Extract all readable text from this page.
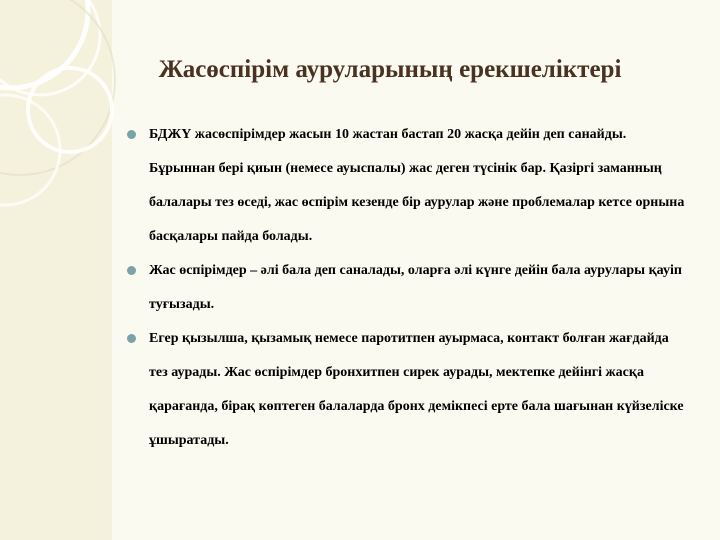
Жасөспірім ауруларының ерекшеліктері
БДЖҮ жасөспірімдер жасын 10 жастан бастап 20 жасқа дейін деп санайды. Бұрыннан бері қиын (немесе ауыспалы) жас деген түсінік бар. Қазіргі заманның балалары тез өседі, жас өспірім кезенде бір аурулар және проблемалар кетсе орнына басқалары пайда болады.
Жас өспірімдер – әлі бала деп саналады, оларға әлі күнге дейін бала аурулары қауіп туғызады.
Егер қызылша, қызамық немесе паротитпен ауырмаса, контакт болған жағдайда тез аурады. Жас өспірімдер бронхитпен сирек аурады, мектепке дейінгі жасқа қарағанда, бірақ көптеген балаларда бронх демікпесі ерте бала шағынан күйзеліске ұшыратады.
